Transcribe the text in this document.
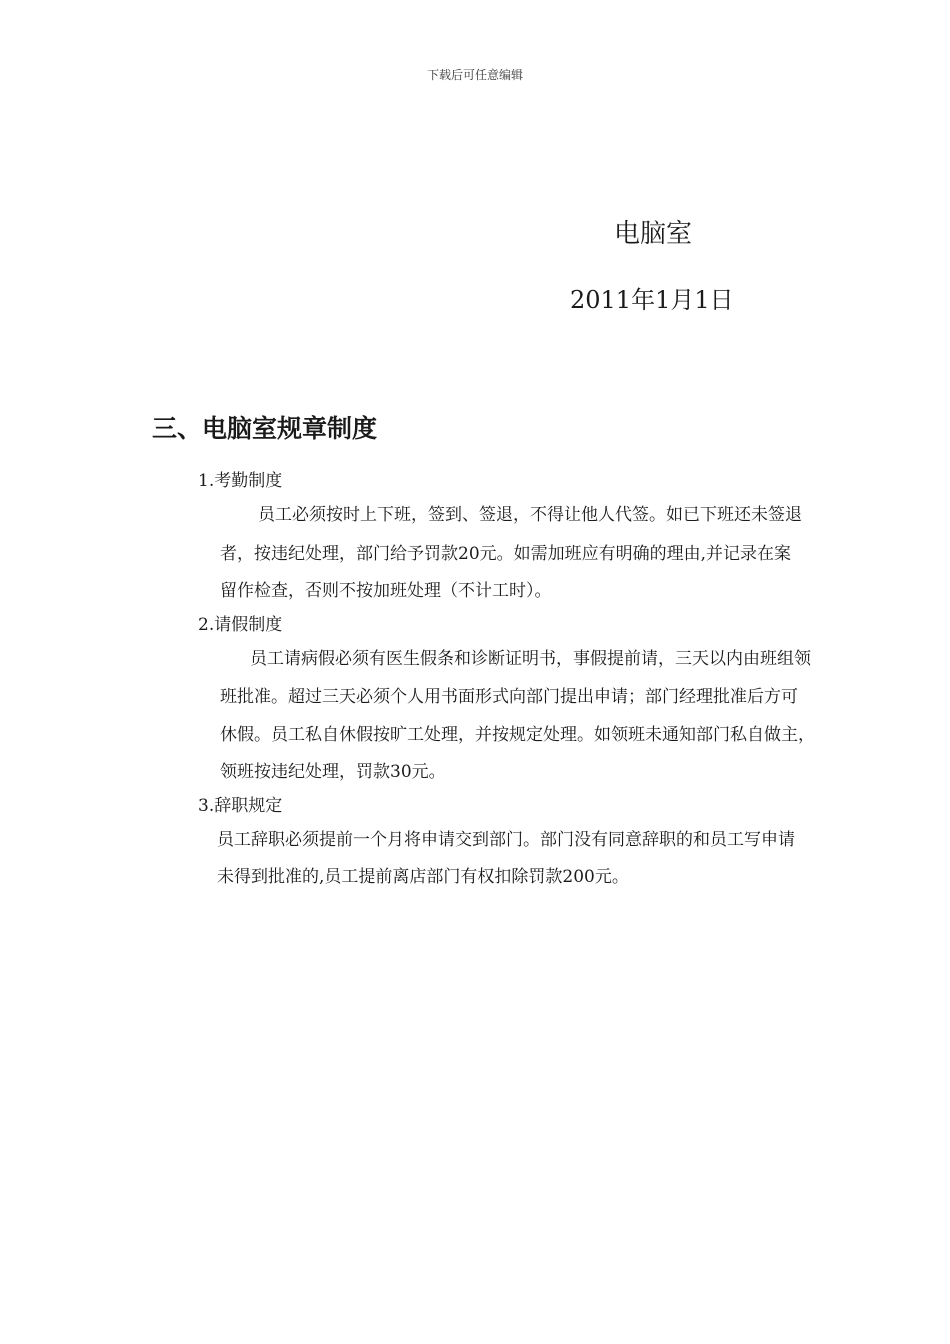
下载后可任意编辑
电脑室
2011年1月1日
三、电脑室规章制度
1.考勤制度
员工必须按时上下班，签到、签退，不得让他人代签。如已下班还未签退
者，按违纪处理，部门给予罚款20元。如需加班应有明确的理由,并记录在案
留作检查，否则不按加班处理（不计工时）。
2.请假制度
员工请病假必须有医生假条和诊断证明书，事假提前请，三天以内由班组领
班批准。超过三天必须个人用书面形式向部门提出申请；部门经理批准后方可
休假。员工私自休假按旷工处理，并按规定处理。如领班未通知部门私自做主，
领班按违纪处理，罚款30元。
3.辞职规定
员工辞职必须提前一个月将申请交到部门。部门没有同意辞职的和员工写申请
未得到批准的,员工提前离店部门有权扣除罚款200元。
